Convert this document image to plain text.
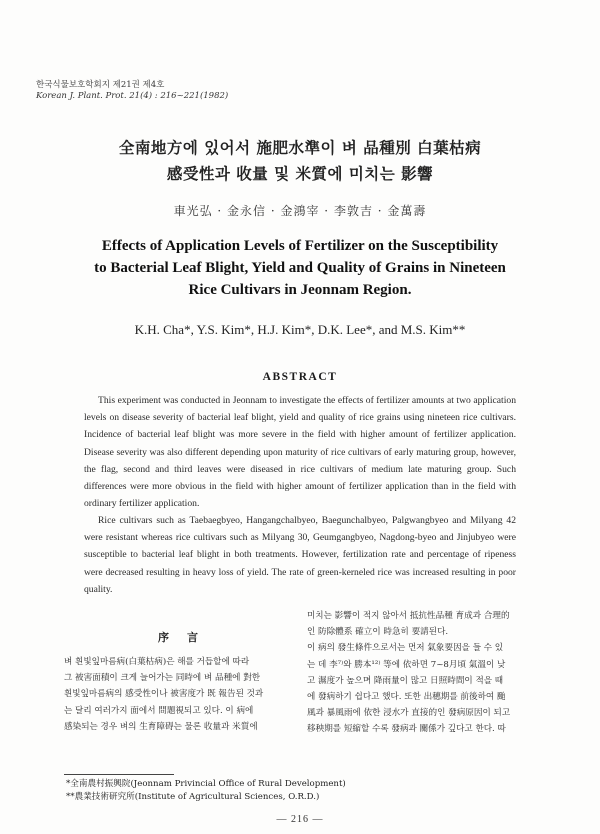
한국식물보호학회지 제21권 제4호
Korean J. Plant. Prot. 21(4) : 216~221(1982)
全南地方에 있어서 施肥水準이 벼 品種別 白葉枯病
感受性과 收量 및 米質에 미치는 影響
車光弘 · 金永信 · 金鴻宰 · 李敦吉 · 金萬壽
Effects of Application Levels of Fertilizer on the Susceptibility
to Bacterial Leaf Blight, Yield and Quality of Grains in Nineteen
Rice Cultivars in Jeonnam Region.
K.H. Cha*, Y.S. Kim*, H.J. Kim*, D.K. Lee*, and M.S. Kim**
ABSTRACT

This experiment was conducted in Jeonnam to investigate the effects of fertilizer amounts at two application levels on disease severity of bacterial leaf blight, yield and quality of rice grains using nineteen rice cultivars. Incidence of bacterial leaf blight was more severe in the field with higher amount of fertilizer application. Disease severity was also different depending upon maturity of rice cultivars of early maturing group, however, the flag, second and third leaves were diseased in rice cultivars of medium late maturing group. Such differences were more obvious in the field with higher amount of fertilizer application than in the field with ordinary fertilizer application.

Rice cultivars such as Taebaegbyeo, Hangangchalbyeo, Baegunchalbyeo, Palgwangbyeo and Milyang 42 were resistant whereas rice cultivars such as Milyang 30, Geumgangbyeo, Nagdong-byeo and Jinjubyeo were susceptible to bacterial leaf blight in both treatments. However, fertilization rate and percentage of ripeness were decreased resulting in heavy loss of yield. The rate of green-kerneled rice was increased resulting in poor quality.

序言
벼 흰빛잎마름病(白葉枯病)은 해를 거듭할에 따라
그 被害面積이 크게 늘어가는 同時에 벼 品種에 對한
흰빛잎마름病의 感受性이나 被害度가 既 報告된 것과
는 달리 여러가지 面에서 問題視되고 있다. 이 病에
感染되는 경우 벼의 生育障碍는 물론 收量과 米質에
미치는 影響이 적지 않아서 抵抗性品種 育成과 合理的
인 防除體系 確立이 時急히 要請된다.
이 病의 發生條件으로서는 먼저 氣象要因을 들 수 있
는 데 李⁷⁾와 勝本¹²⁾ 等에 依하면 7~8月頃 氣溫이 낮
고 濕度가 높으며 降雨量이 많고 日照時間이 적을 때
에 發病하기 쉽다고 했다. 또한 出穗期를 前後하여 颱
風과 暴風雨에 依한 浸水가 直接的인 發病原因이 되고
移秧期를 短縮할 수록 發病과 關係가 깊다고 한다. 따
*全南農村振興院(Jeonnam Privincial Office of Rural Development)
**農業技術研究所(Institute of Agricultural Sciences, O.R.D.)
— 216 —
